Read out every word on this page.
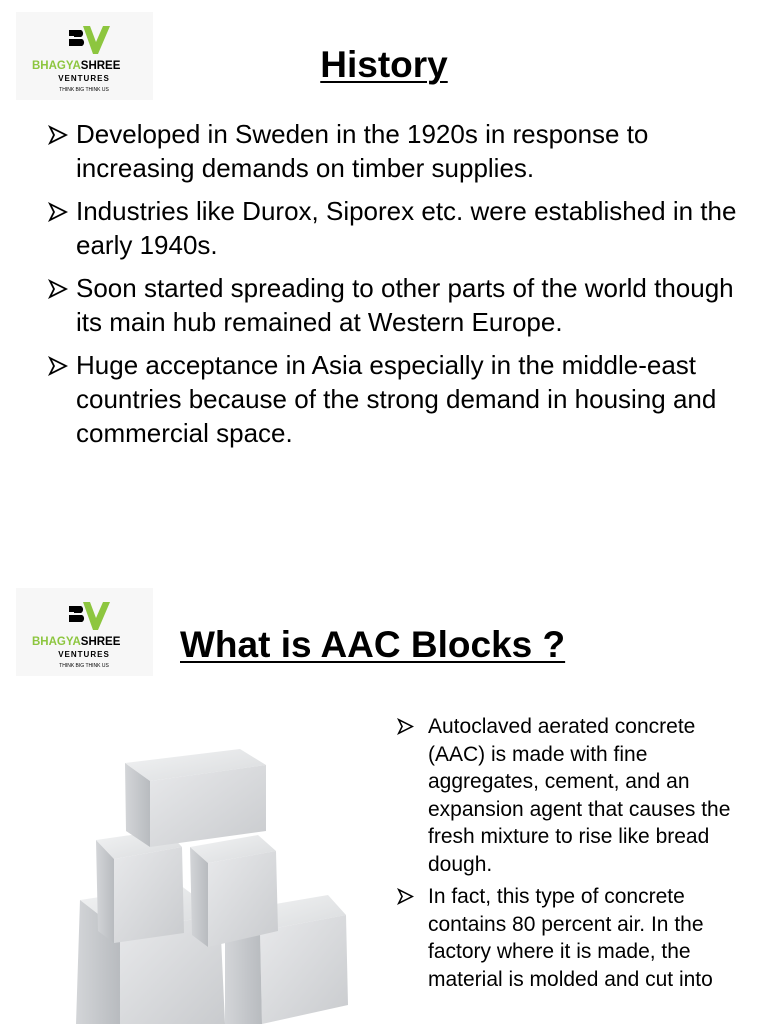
BHAGYASHREE
VENTURES
THINK BIG THINK US
History
Developed in Sweden in the 1920s in response to increasing demands on timber supplies.
Industries like Durox, Siporex etc. were established in the early 1940s.
Soon started spreading to other parts of the world though its main hub remained at Western Europe.
Huge acceptance in Asia especially in the middle-east countries because of the strong demand in housing and commercial space.
BHAGYASHREE
VENTURES
THINK BIG THINK US
What is AAC Blocks ?
Autoclaved aerated concrete (AAC) is made with fine aggregates, cement, and an expansion agent that causes the fresh mixture to rise like bread dough.
In fact, this type of concrete contains 80 percent air. In the factory where it is made, the material is molded and cut into
